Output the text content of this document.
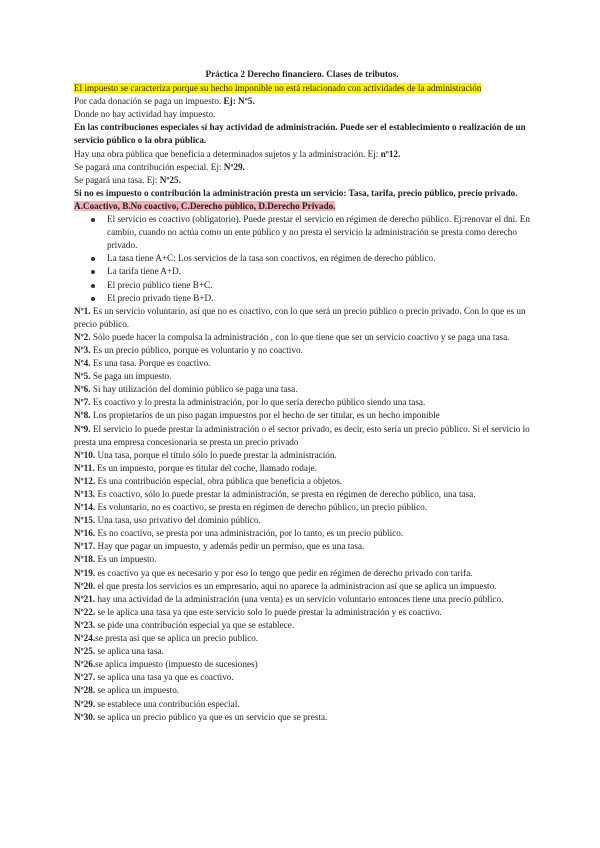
Práctica 2 Derecho financiero. Clases de tributos.

El impuesto se caracteriza porque su hecho imponible no está relacionado con actividades de la administración

Por cada donación se paga un impuesto. Ej: Nº5.

Donde no hay actividad hay impuesto.

En las contribuciones especiales sí hay actividad de administración. Puede ser el establecimiento o realización de un servicio público o la obra pública.

Hay una obra pública que beneficia a determinados sujetos y la administración. Ej: nº12.

Se pagará una contribución especial. Ej: Nº29.

Se pagará una tasa. Ej: Nº25.

Si no es impuesto o contribución la administración presta un servicio: Tasa, tarifa, precio público, precio privado.

A.Coactivo, B.No coactivo, C.Derecho público, D.Derecho Privado.

El servicio es coactivo (obligatorio). Puede prestar el servicio en régimen de derecho público. Ej:renovar el dni. En cambio, cuando no actúa como un ente público y no presta el servicio la administración se presta como derecho privado.
La tasa tiene A+C: Los servicios de la tasa son coactivos, en régimen de derecho público.
La tarifa tiene A+D.
El precio público tiene B+C.
El precio privado tiene B+D.

Nº1. Es un servicio voluntario, así que no es coactivo, con lo que será un precio público o precio privado. Con lo que es un precio público.

Nº2. Sólo puede hacer la compulsa la administración , con lo que tiene que ser un servicio coactivo y se paga una tasa.

Nº3. Es un precio público, porque es voluntario y no coactivo.

Nº4. Es una tasa. Porque es coactivo.

Nº5. Se paga un impuesto.

Nº6. Si hay utilización del dominio público se paga una tasa.

Nº7. Es coactivo y lo presta la administración, por lo que sería derecho público siendo una tasa.

Nº8. Los propietarios de un piso pagan impuestos por el hecho de ser titular, es un hecho imponible

Nº9. El servicio lo puede prestar la administración o el sector privado, es decir, esto sería un precio público. Si el servicio lo presta una empresa concesionaria se presta un precio privado

Nº10. Una tasa, porque el título sólo lo puede prestar la administración.

Nº11. Es un impuesto, porque es titular del coche, llamado rodaje.

Nº12. Es una contribución especial, obra pública que beneficia a objetos.

Nº13. Es coactivo, sólo lo puede prestar la administración, se presta en régimen de derecho público, una tasa.

Nº14. Es voluntario, no es coactivo, se presta en régimen de derecho público, un precio público.

Nº15. Una tasa, uso privativo del dominio público.

Nº16. Es no coactivo, se presta por una administración, por lo tanto, es un precio público.

Nº17. Hay que pagar un impuesto, y además pedir un permiso, que es una tasa.

Nº18. Es un impuesto.

Nº19. es coactivo ya que es necesario y por eso lo tengo que pedir en régimen de derecho privado con tarifa.

Nº20. el que presta los servicios es un empresario, aquí no aparece la administracion así que se aplica un impuesto.

Nº21. hay una actividad de la administración (una venta) es un servicio voluntario entonces tiene una precio público.

Nº22. se le aplica una tasa ya que este servicio solo lo puede prestar la administración y es coactivo.

Nº23. se pide una contribución especial ya que se establece.

Nº24.se presta así que se aplica un precio publico.

Nº25. se aplica una tasa.

Nº26.se aplica impuesto (impuesto de sucesiones)

Nº27. se aplica una tasa ya que es coactivo.

Nº28. se aplica un impuesto.

Nº29. se establece una contribución especial.

Nº30. se aplica un precio público ya que es un servicio que se presta.
